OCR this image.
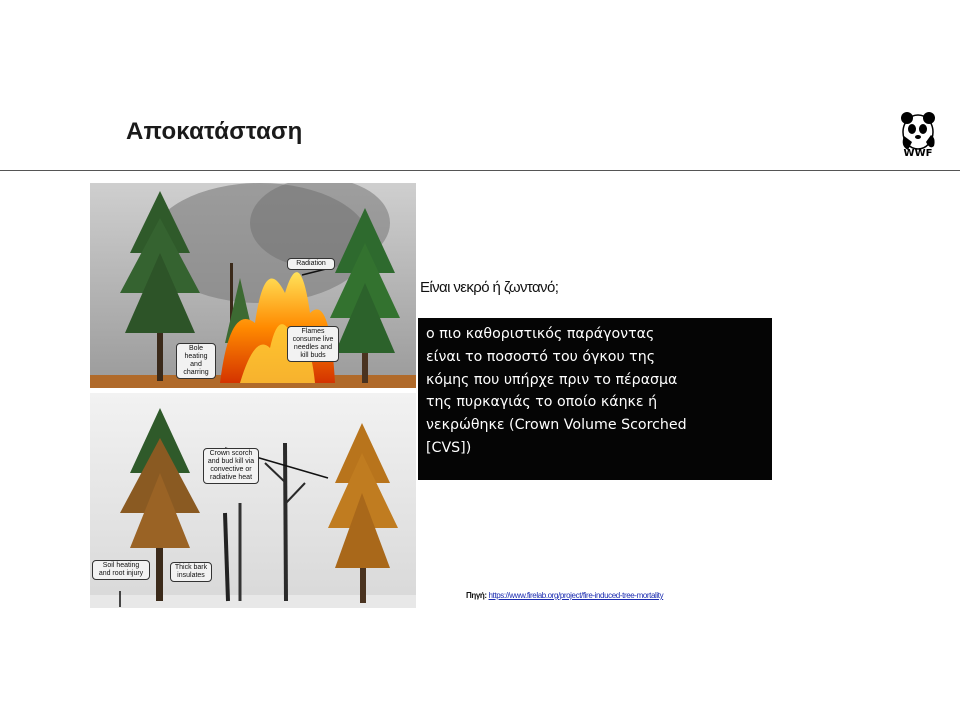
Αποκατάσταση
WWF
Radiation
Bole heating and charring
Flames consume live needles and kill buds
Crown scorch and bud kill via convective or radiative heat
Soil heating and root injury
Thick bark insulates
Είναι νεκρό ή ζωντανό;
ο πιο καθοριστικός παράγοντας
είναι το ποσοστό του όγκου της
κόμης που υπήρχε πριν το πέρασμα
της πυρκαγιάς το οποίο κάηκε ή
νεκρώθηκε (Crown Volume Scorched
[CVS])
Πηγή: https://www.firelab.org/project/fire-induced-tree-mortality
